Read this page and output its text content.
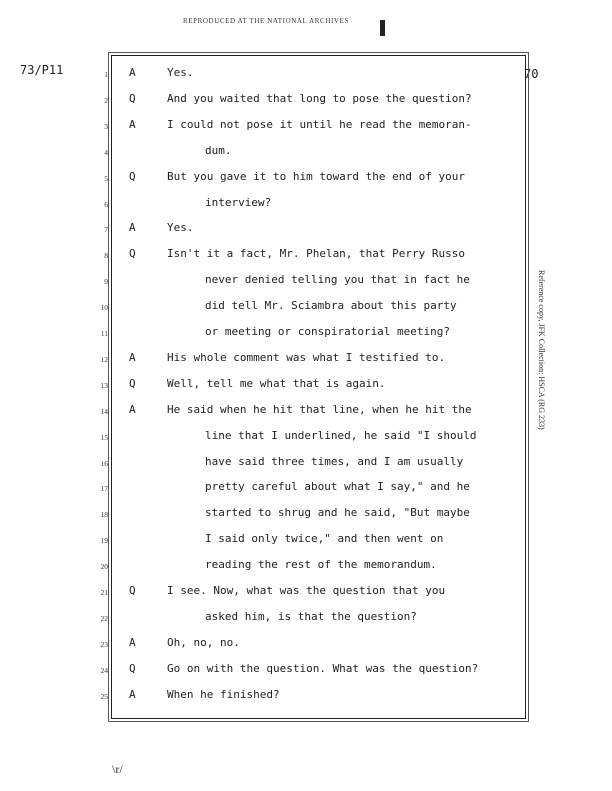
REPRODUCED AT THE NATIONAL ARCHIVES
73/P11	70
1 A	Yes.
2 Q	And you waited that long to pose the question?
3 A	I could not pose it until he read the memoran-
4	dum.
5 Q	But you gave it to him toward the end of your
6	interview?
7 A	Yes.
8 Q	Isn't it a fact, Mr. Phelan, that Perry Russo
9	never denied telling you that in fact he
10	did tell Mr. Sciambra about this party
11	or meeting or conspiratorial meeting?
12 A	His whole comment was what I testified to.
13 Q	Well, tell me what that is again.
14 A	He said when he hit that line, when he hit the
15	line that I underlined, he said "I should
16	have said three times, and I am usually
17	pretty careful about what I say," and he
18	started to shrug and he said, "But maybe
19	I said only twice," and then went on
20	reading the rest of the memorandum.
21 Q	I see. Now, what was the question that you
22	asked him, is that the question?
23 A	Oh, no, no.
24 Q	Go on with the question. What was the question?
25 A	When he finished?
Reference copy, JFK Collection: HSCA (RG 233)
\r/
